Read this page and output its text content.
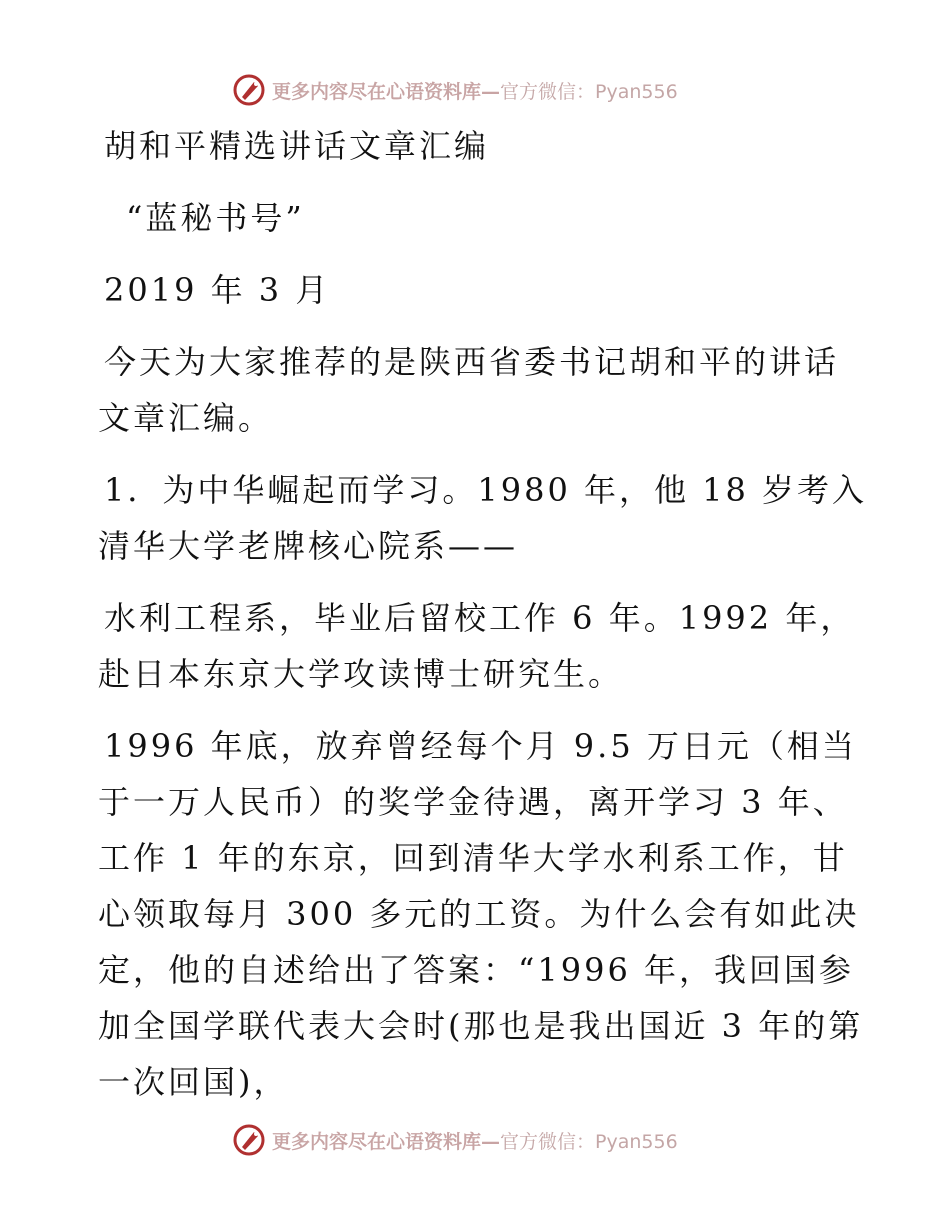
更多内容尽在心语资料库— 官方微信：Pyan556

胡和平精选讲话文章汇编

“蓝秘书号”

2019 年 3 月

今天为大家推荐的是陕西省委书记胡和平的讲话文章汇编。

1．为中华崛起而学习。1980 年，他 18 岁考入清华大学老牌核心院系——

水利工程系，毕业后留校工作 6 年。1992 年，赴日本东京大学攻读博士研究生。

1996 年底，放弃曾经每个月 9.5 万日元（相当于一万人民币）的奖学金待遇，离开学习 3 年、工作 1 年的东京，回到清华大学水利系工作，甘心领取每月 300 多元的工资。为什么会有如此决定，他的自述给出了答案：“1996 年，我回国参加全国学联代表大会时(那也是我出国近 3 年的第一次回国)，

更多内容尽在心语资料库— 官方微信：Pyan556
